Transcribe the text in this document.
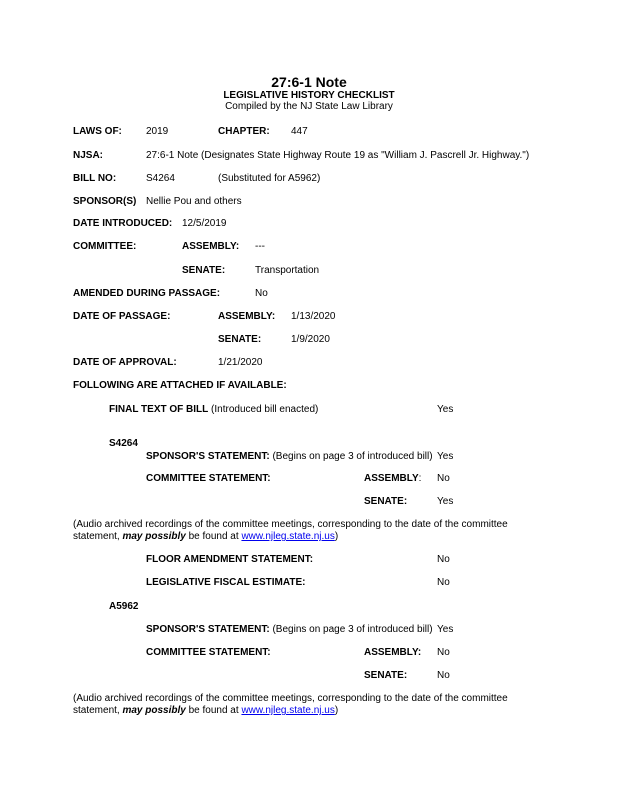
27:6-1 Note
LEGISLATIVE HISTORY CHECKLIST
Compiled by the NJ State Law Library
LAWS OF: 2019	CHAPTER: 447
NJSA:	27:6-1 Note (Designates State Highway Route 19 as "William J. Pascrell Jr. Highway.")
BILL NO:	S4264	(Substituted for A5962)
SPONSOR(S) Nellie Pou and others
DATE INTRODUCED: 12/5/2019
COMMITTEE:	ASSEMBLY: ---
SENATE:	Transportation
AMENDED DURING PASSAGE:	No
DATE OF PASSAGE:	ASSEMBLY: 1/13/2020
SENATE:	1/9/2020
DATE OF APPROVAL:	1/21/2020
FOLLOWING ARE ATTACHED IF AVAILABLE:
FINAL TEXT OF BILL (Introduced bill enacted)	Yes
S4264
SPONSOR'S STATEMENT: (Begins on page 3 of introduced bill) Yes
COMMITTEE STATEMENT:	ASSEMBLY: No
SENATE:	Yes
(Audio archived recordings of the committee meetings, corresponding to the date of the committee statement, may possibly be found at www.njleg.state.nj.us)
FLOOR AMENDMENT STATEMENT:	No
LEGISLATIVE FISCAL ESTIMATE:	No
A5962
SPONSOR'S STATEMENT: (Begins on page 3 of introduced bill) Yes
COMMITTEE STATEMENT:	ASSEMBLY: No
SENATE:	No
(Audio archived recordings of the committee meetings, corresponding to the date of the committee statement, may possibly be found at www.njleg.state.nj.us)
